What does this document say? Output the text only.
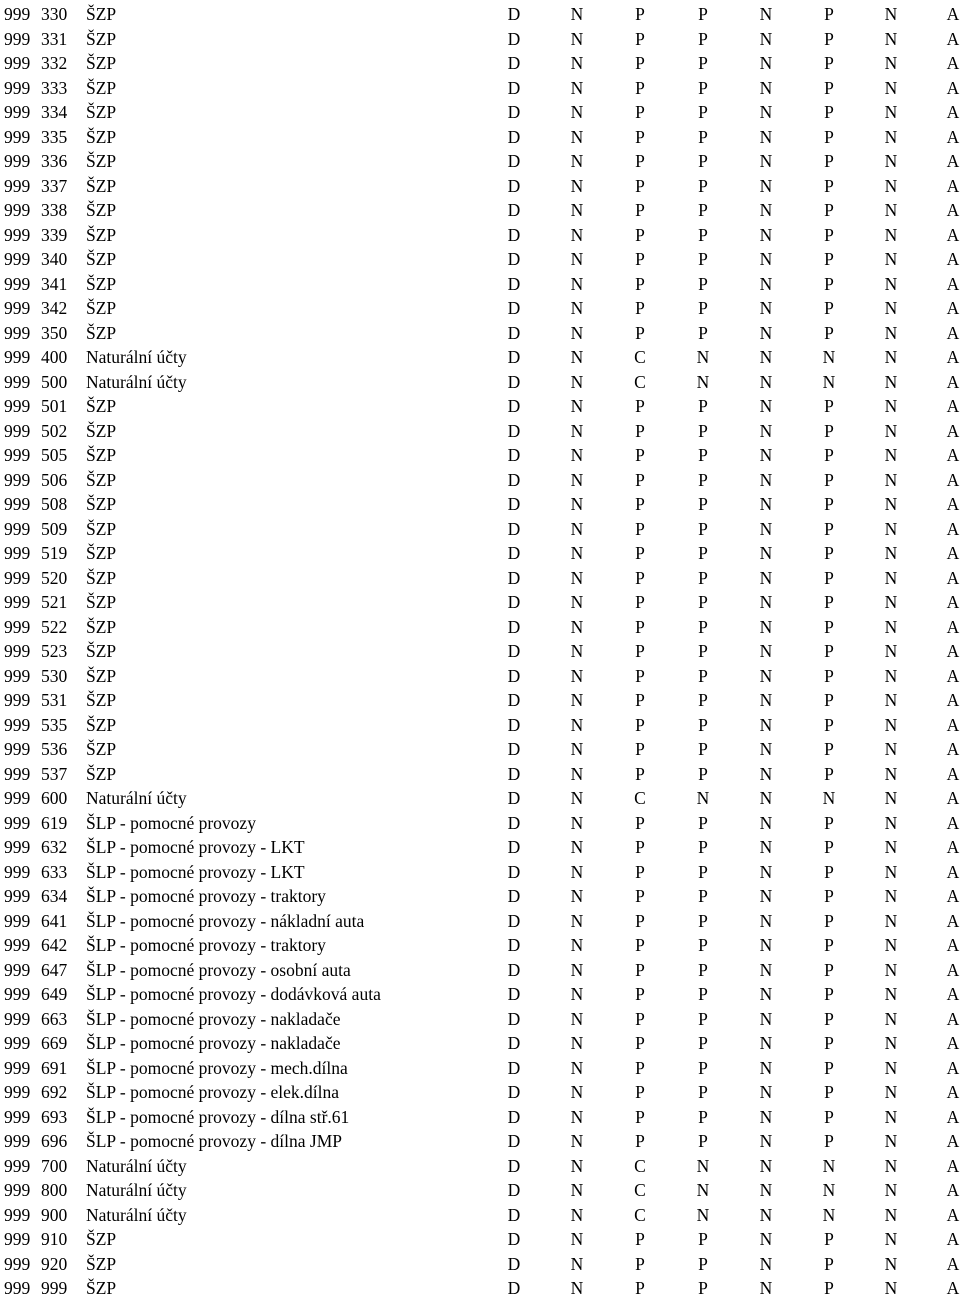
999 330 ŠZP	D	N	P	P	N	P	N	A
999 331 ŠZP	D	N	P	P	N	P	N	A
999 332 ŠZP	D	N	P	P	N	P	N	A
999 333 ŠZP	D	N	P	P	N	P	N	A
999 334 ŠZP	D	N	P	P	N	P	N	A
999 335 ŠZP	D	N	P	P	N	P	N	A
999 336 ŠZP	D	N	P	P	N	P	N	A
999 337 ŠZP	D	N	P	P	N	P	N	A
999 338 ŠZP	D	N	P	P	N	P	N	A
999 339 ŠZP	D	N	P	P	N	P	N	A
999 340 ŠZP	D	N	P	P	N	P	N	A
999 341 ŠZP	D	N	P	P	N	P	N	A
999 342 ŠZP	D	N	P	P	N	P	N	A
999 350 ŠZP	D	N	P	P	N	P	N	A
999 400 Naturální účty	D	N	C	N	N	N	N	A
999 500 Naturální účty	D	N	C	N	N	N	N	A
999 501 ŠZP	D	N	P	P	N	P	N	A
999 502 ŠZP	D	N	P	P	N	P	N	A
999 505 ŠZP	D	N	P	P	N	P	N	A
999 506 ŠZP	D	N	P	P	N	P	N	A
999 508 ŠZP	D	N	P	P	N	P	N	A
999 509 ŠZP	D	N	P	P	N	P	N	A
999 519 ŠZP	D	N	P	P	N	P	N	A
999 520 ŠZP	D	N	P	P	N	P	N	A
999 521 ŠZP	D	N	P	P	N	P	N	A
999 522 ŠZP	D	N	P	P	N	P	N	A
999 523 ŠZP	D	N	P	P	N	P	N	A
999 530 ŠZP	D	N	P	P	N	P	N	A
999 531 ŠZP	D	N	P	P	N	P	N	A
999 535 ŠZP	D	N	P	P	N	P	N	A
999 536 ŠZP	D	N	P	P	N	P	N	A
999 537 ŠZP	D	N	P	P	N	P	N	A
999 600 Naturální účty	D	N	C	N	N	N	N	A
999 619 ŠLP - pomocné provozy	D	N	P	P	N	P	N	A
999 632 ŠLP - pomocné provozy - LKT	D	N	P	P	N	P	N	A
999 633 ŠLP - pomocné provozy - LKT	D	N	P	P	N	P	N	A
999 634 ŠLP - pomocné provozy - traktory	D	N	P	P	N	P	N	A
999 641 ŠLP - pomocné provozy - nákladní auta	D	N	P	P	N	P	N	A
999 642 ŠLP - pomocné provozy - traktory	D	N	P	P	N	P	N	A
999 647 ŠLP - pomocné provozy - osobní auta	D	N	P	P	N	P	N	A
999 649 ŠLP - pomocné provozy - dodávková auta	D	N	P	P	N	P	N	A
999 663 ŠLP - pomocné provozy - nakladače	D	N	P	P	N	P	N	A
999 669 ŠLP - pomocné provozy - nakladače	D	N	P	P	N	P	N	A
999 691 ŠLP - pomocné provozy - mech.dílna	D	N	P	P	N	P	N	A
999 692 ŠLP - pomocné provozy - elek.dílna	D	N	P	P	N	P	N	A
999 693 ŠLP - pomocné provozy - dílna stř.61	D	N	P	P	N	P	N	A
999 696 ŠLP - pomocné provozy - dílna JMP	D	N	P	P	N	P	N	A
999 700 Naturální účty	D	N	C	N	N	N	N	A
999 800 Naturální účty	D	N	C	N	N	N	N	A
999 900 Naturální účty	D	N	C	N	N	N	N	A
999 910 ŠZP	D	N	P	P	N	P	N	A
999 920 ŠZP	D	N	P	P	N	P	N	A
999 999 ŠZP	D	N	P	P	N	P	N	A
